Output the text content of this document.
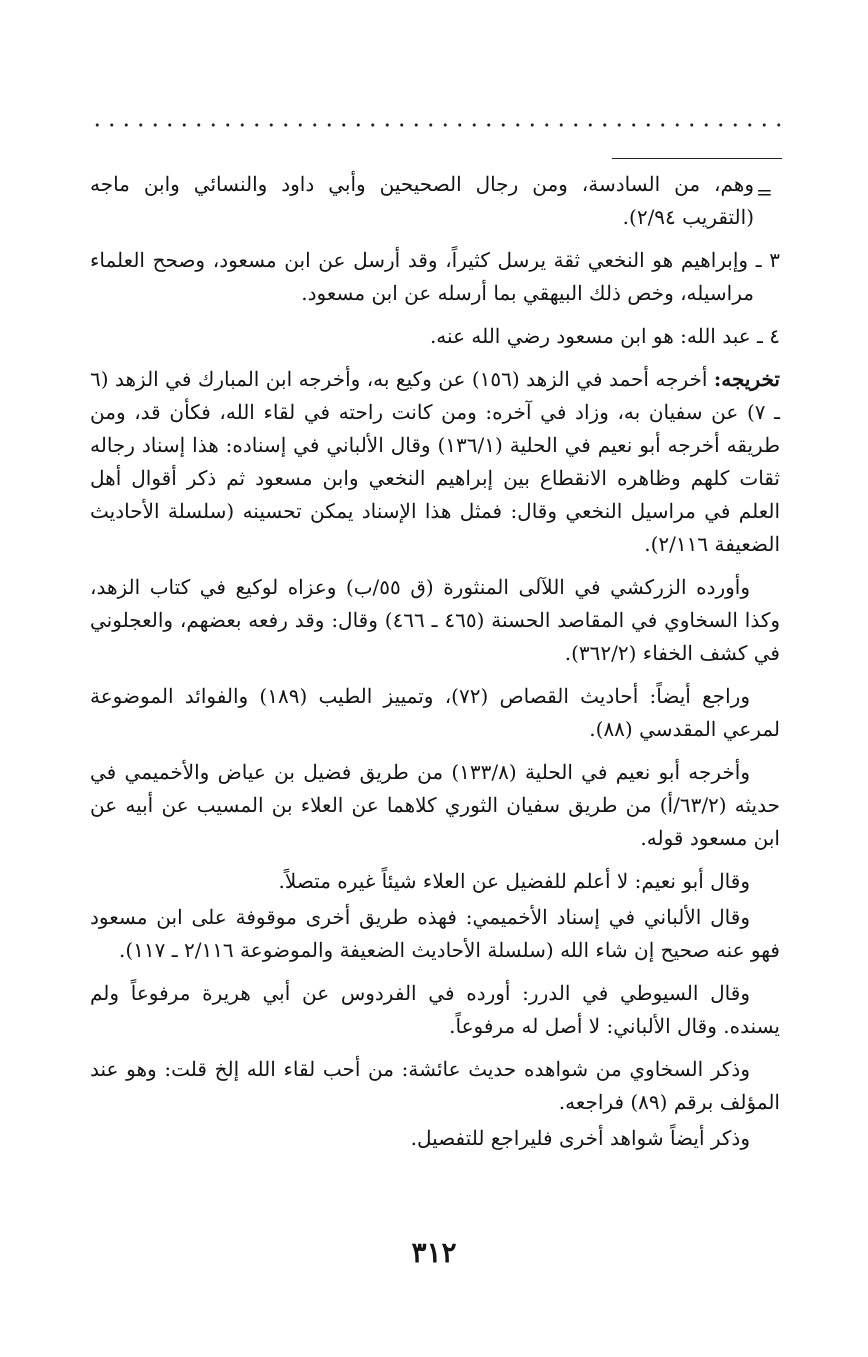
=

وهم، من السادسة، ومن رجال الصحيحين وأبي داود والنسائي وابن ماجه (التقريب ٢/٩٤).

٣ ـ وإبراهيم هو النخعي ثقة يرسل كثيراً، وقد أرسل عن ابن مسعود، وصحح العلماء مراسيله، وخص ذلك البيهقي بما أرسله عن ابن مسعود.

٤ ـ عبد الله: هو ابن مسعود رضي الله عنه.

تخريجه: أخرجه أحمد في الزهد (١٥٦) عن وكيع به، وأخرجه ابن المبارك في الزهد (٦ ـ ٧) عن سفيان به، وزاد في آخره: ومن كانت راحته في لقاء الله، فكأن قد، ومن طريقه أخرجه أبو نعيم في الحلية (١٣٦/١) وقال الألباني في إسناده: هذا إسناد رجاله ثقات كلهم وظاهره الانقطاع بين إبراهيم النخعي وابن مسعود ثم ذكر أقوال أهل العلم في مراسيل النخعي وقال: فمثل هذا الإسناد يمكن تحسينه (سلسلة الأحاديث الضعيفة ٢/١١٦).

وأورده الزركشي في اللآلى المنثورة (ق ٥٥/ب) وعزاه لوكيع في كتاب الزهد، وكذا السخاوي في المقاصد الحسنة (٤٦٥ ـ ٤٦٦) وقال: وقد رفعه بعضهم، والعجلوني في كشف الخفاء (٣٦٢/٢).

وراجع أيضاً: أحاديث القصاص (٧٢)، وتمييز الطيب (١٨٩) والفوائد الموضوعة لمرعي المقدسي (٨٨).

وأخرجه أبو نعيم في الحلية (١٣٣/٨) من طريق فضيل بن عياض والأخميمي في حديثه (٦٣/٢/أ) من طريق سفيان الثوري كلاهما عن العلاء بن المسيب عن أبيه عن ابن مسعود قوله.

وقال أبو نعيم: لا أعلم للفضيل عن العلاء شيئاً غيره متصلاً.

وقال الألباني في إسناد الأخميمي: فهذه طريق أخرى موقوفة على ابن مسعود فهو عنه صحيح إن شاء الله (سلسلة الأحاديث الضعيفة والموضوعة ٢/١١٦ ـ ١١٧).

وقال السيوطي في الدرر: أورده في الفردوس عن أبي هريرة مرفوعاً ولم يسنده. وقال الألباني: لا أصل له مرفوعاً.

وذكر السخاوي من شواهده حديث عائشة: من أحب لقاء الله إلخ قلت: وهو عند المؤلف برقم (٨٩) فراجعه.

وذكر أيضاً شواهد أخرى فليراجع للتفصيل.

٣١٢
